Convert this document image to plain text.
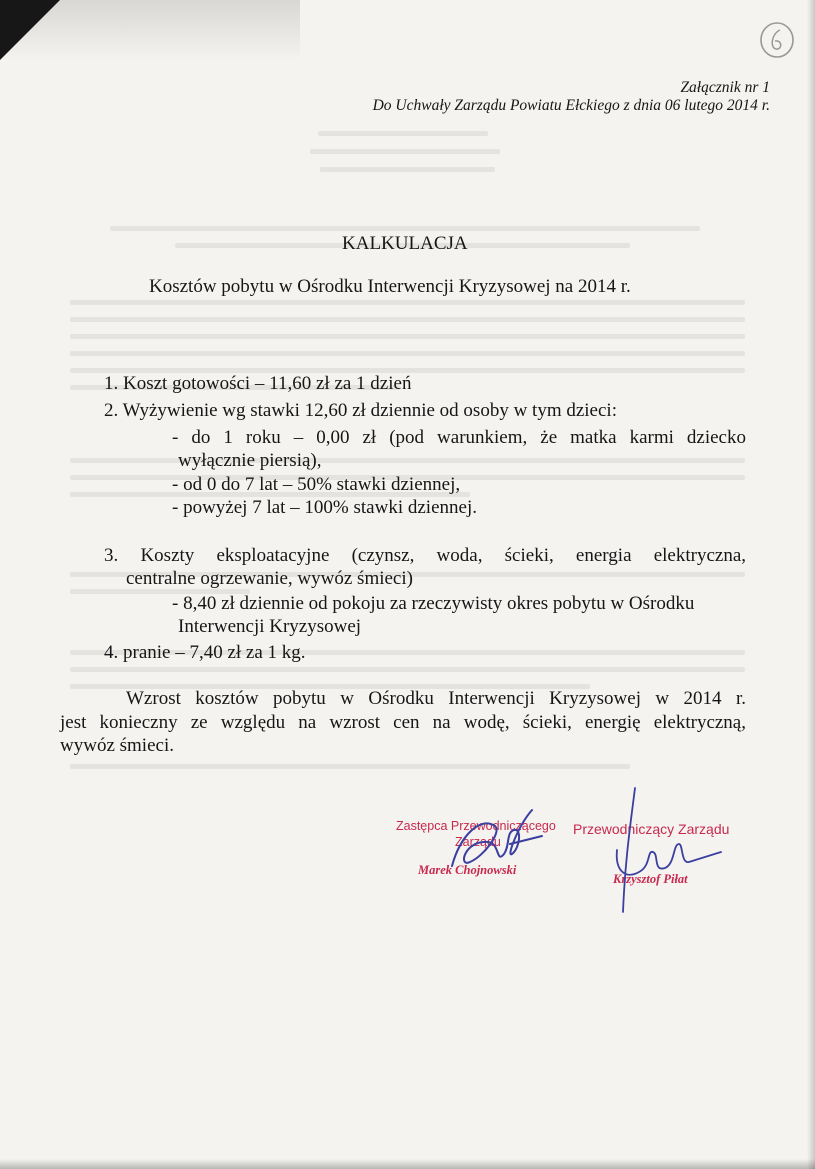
Załącznik nr 1
Do Uchwały Zarządu Powiatu Ełckiego z dnia 06 lutego 2014 r.
KALKULACJA
Kosztów pobytu w Ośrodku Interwencji Kryzysowej na 2014 r.
1. Koszt gotowości – 11,60 zł za 1 dzień
2. Wyżywienie wg stawki 12,60 zł dziennie od osoby w tym dzieci:
- do 1 roku – 0,00 zł (pod warunkiem, że matka karmi dziecko
wyłącznie piersią),
- od 0 do 7 lat – 50% stawki dziennej,
- powyżej 7 lat – 100% stawki dziennej.
3. Koszty eksploatacyjne (czynsz, woda, ścieki, energia elektryczna,
centralne ogrzewanie, wywóz śmieci)
- 8,40 zł dziennie od pokoju za rzeczywisty okres pobytu w Ośrodku
Interwencji Kryzysowej
4. pranie – 7,40 zł za 1 kg.
Wzrost kosztów pobytu w Ośrodku Interwencji Kryzysowej w 2014 r.
jest konieczny ze względu na wzrost cen na wodę, ścieki, energię elektryczną,
wywóz śmieci.
Zastępca Przewodniczącego
Zarządu
Marek Chojnowski
Przewodniczący Zarządu
Krzysztof Piłat
